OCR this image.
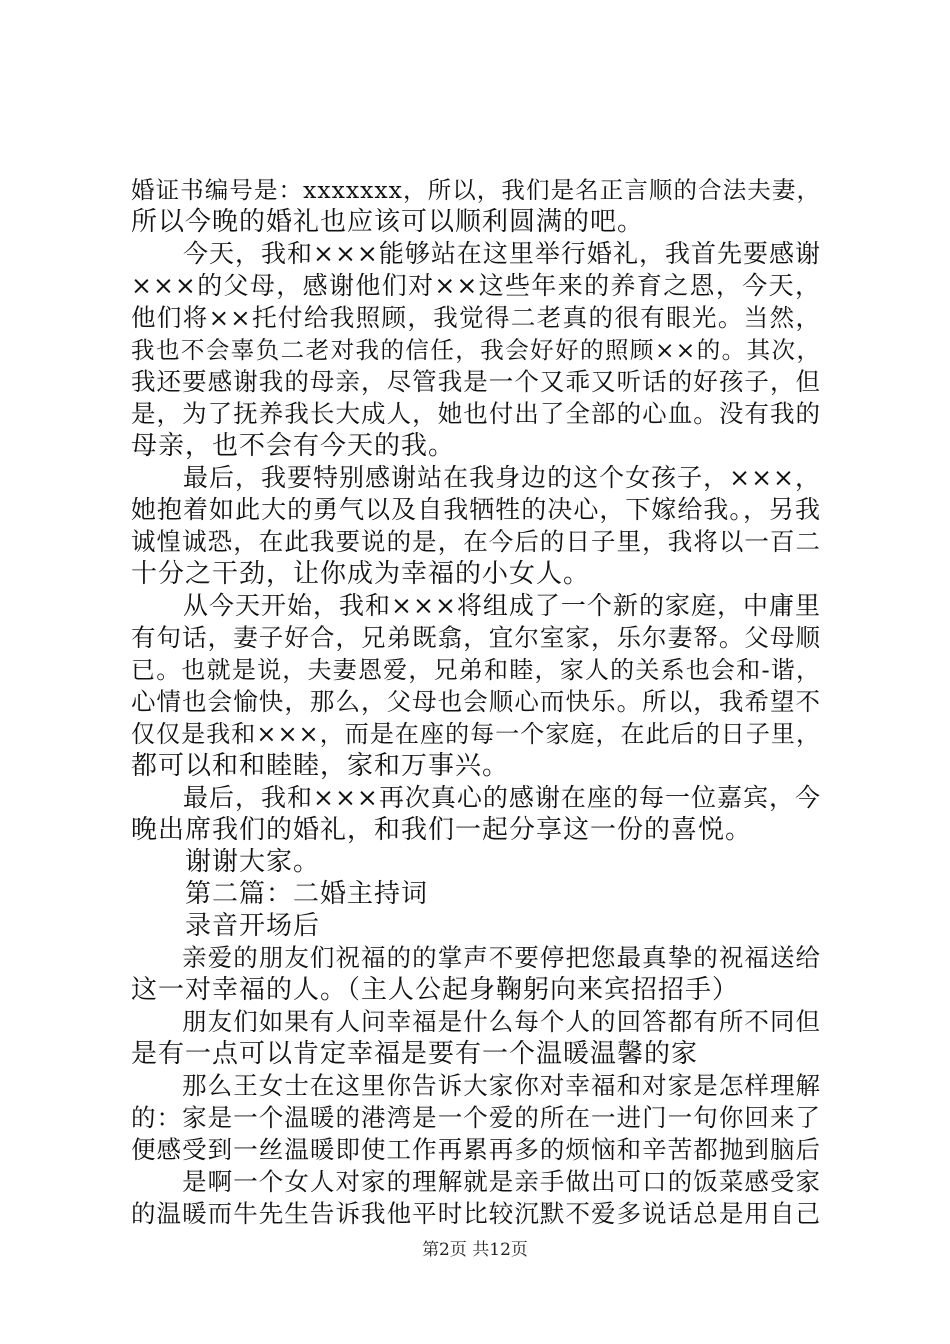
婚证书编号是：xxxxxxx，所以，我们是名正言顺的合法夫妻，
所以今晚的婚礼也应该可以顺利圆满的吧。
　　今天，我和×××能够站在这里举行婚礼，我首先要感谢
×××的父母，感谢他们对××这些年来的养育之恩，今天，
他们将××托付给我照顾，我觉得二老真的很有眼光。当然，
我也不会辜负二老对我的信任，我会好好的照顾××的。其次，
我还要感谢我的母亲，尽管我是一个又乖又听话的好孩子，但
是，为了抚养我长大成人，她也付出了全部的心血。没有我的
母亲，也不会有今天的我。
　　最后，我要特别感谢站在我身边的这个女孩子，×××，
她抱着如此大的勇气以及自我牺牲的决心，下嫁给我。，另我
诚惶诚恐，在此我要说的是，在今后的日子里，我将以一百二
十分之干劲，让你成为幸福的小女人。
　　从今天开始，我和×××将组成了一个新的家庭，中庸里
有句话，妻子好合，兄弟既翕，宜尔室家，乐尔妻帑。父母顺
已。也就是说，夫妻恩爱，兄弟和睦，家人的关系也会和-谐，
心情也会愉快，那么，父母也会顺心而快乐。所以，我希望不
仅仅是我和×××，而是在座的每一个家庭，在此后的日子里，
都可以和和睦睦，家和万事兴。
　　最后，我和×××再次真心的感谢在座的每一位嘉宾，今
晚出席我们的婚礼，和我们一起分享这一份的喜悦。
　　谢谢大家。
　　第二篇：二婚主持词
　　录音开场后
　　亲爱的朋友们祝福的的掌声不要停把您最真挚的祝福送给
这一对幸福的人。（主人公起身鞠躬向来宾招招手）
　　朋友们如果有人问幸福是什么每个人的回答都有所不同但
是有一点可以肯定幸福是要有一个温暖温馨的家
　　那么王女士在这里你告诉大家你对幸福和对家是怎样理解
的：家是一个温暖的港湾是一个爱的所在一进门一句你回来了
便感受到一丝温暖即使工作再累再多的烦恼和辛苦都抛到脑后
　　是啊一个女人对家的理解就是亲手做出可口的饭菜感受家
的温暖而牛先生告诉我他平时比较沉默不爱多说话总是用自己
第2页 共12页
